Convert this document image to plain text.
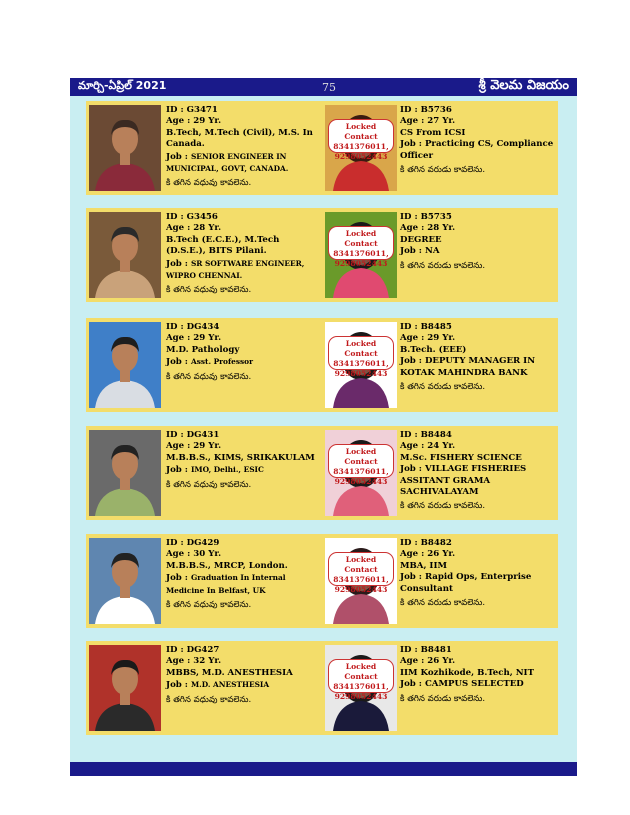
మార్చి-ఏప్రిల్ 2021	75	శ్రీ వెలమ విజయం
ID : G3471
Age : 29 Yr.
B.Tech, M.Tech (Civil), M.S. In Canada.
Job : SENIOR ENGINEER IN MUNICIPAL, GOVT, CANADA.
కి తగిన వధువు కావలెను.
Locked Contact
8341376011,
9298052443
ID : B5736
Age : 27 Yr.
CS From ICSI
Job : Practicing CS, Compliance Officer
కి తగిన వరుడు కావలెను.
ID : G3456
Age : 28 Yr.
B.Tech (E.C.E.), M.Tech (D.S.E.), BITS Pilani.
Job : SR SOFTWARE ENGINEER, WIPRO CHENNAI.
కి తగిన వధువు కావలెను.
Locked Contact
8341376011,
9298052443
ID : B5735
Age : 28 Yr.
DEGREE
Job : NA
కి తగిన వరుడు కావలెను.
ID : DG434
Age : 29 Yr.
M.D. Pathology
Job : Asst. Professor
కి తగిన వధువు కావలెను.
Locked Contact
8341376011,
9298052443
ID : B8485
Age : 29 Yr.
B.Tech. (EEE)
Job : DEPUTY MANAGER IN KOTAK MAHINDRA BANK
కి తగిన వరుడు కావలెను.
ID : DG431
Age : 29 Yr.
M.B.B.S., KIMS, SRIKAKULAM
Job : IMO, Delhi., ESIC
కి తగిన వధువు కావలెను.
Locked Contact
8341376011,
9298052443
ID : B8484
Age : 24 Yr.
M.Sc. FISHERY SCIENCE
Job : VILLAGE FISHERIES ASSITANT GRAMA SACHIVALAYAM
కి తగిన వరుడు కావలెను.
ID : DG429
Age : 30 Yr.
M.B.B.S., MRCP, London.
Job : Graduation In Internal Medicine In Belfast, UK
కి తగిన వధువు కావలెను.
Locked Contact
8341376011,
9298052443
ID : B8482
Age : 26 Yr.
MBA, IIM
Job : Rapid Ops, Enterprise Consultant
కి తగిన వరుడు కావలెను.
ID : DG427
Age : 32 Yr.
MBBS, M.D. ANESTHESIA
Job : M.D. ANESTHESIA
కి తగిన వధువు కావలెను.
Locked Contact
8341376011,
9298052443
ID : B8481
Age : 26 Yr.
IIM Kozhikode, B.Tech, NIT
Job : CAMPUS SELECTED
కి తగిన వరుడు కావలెను.
